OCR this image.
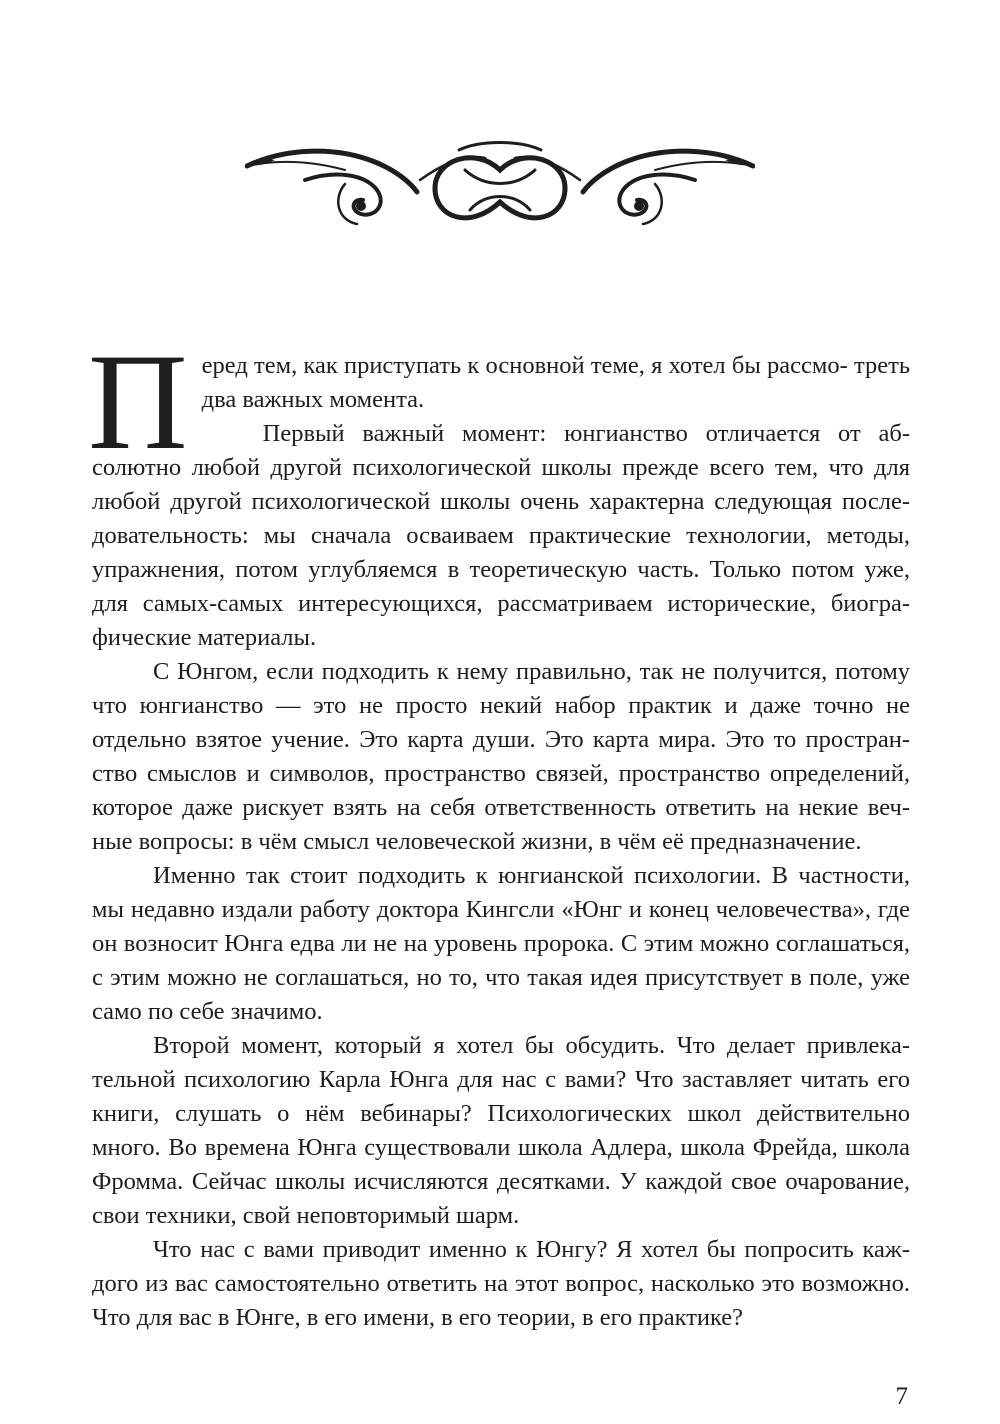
П еред тем, как приступать к основной теме, я хотел бы рассмо- треть два важных момента.
Первый важный момент: юнгианство отличается от абсолютно любой другой психологической школы прежде всего тем, что для любой другой психологической школы очень характерна следующая последовательность: мы сначала осваиваем практические технологии, методы, упражнения, потом углубляемся в теоретическую часть. Только потом уже, для самых-самых интересующихся, рассматриваем исторические, биографические материалы.

С Юнгом, если подходить к нему правильно, так не получится, потому что юнгианство — это не просто некий набор практик и даже точно не отдельно взятое учение. Это карта души. Это карта мира. Это то пространство смыслов и символов, пространство связей, пространство определений, которое даже рискует взять на себя ответственность ответить на некие вечные вопросы: в чём смысл человеческой жизни, в чём её предназначение.

Именно так стоит подходить к юнгианской психологии. В частности, мы недавно издали работу доктора Кингсли «Юнг и конец человечества», где он возносит Юнга едва ли не на уровень пророка. С этим можно соглашаться, с этим можно не соглашаться, но то, что такая идея присутствует в поле, уже само по себе значимо.

Второй момент, который я хотел бы обсудить. Что делает привлекательной психологию Карла Юнга для нас с вами? Что заставляет читать его книги, слушать о нём вебинары? Психологических школ действительно много. Во времена Юнга существовали школа Адлера, школа Фрейда, школа Фромма. Сейчас школы исчисляются десятками. У каждой свое очарование, свои техники, свой неповторимый шарм.

Что нас с вами приводит именно к Юнгу? Я хотел бы попросить каждого из вас самостоятельно ответить на этот вопрос, насколько это возможно. Что для вас в Юнге, в его имени, в его теории, в его практике?

7
